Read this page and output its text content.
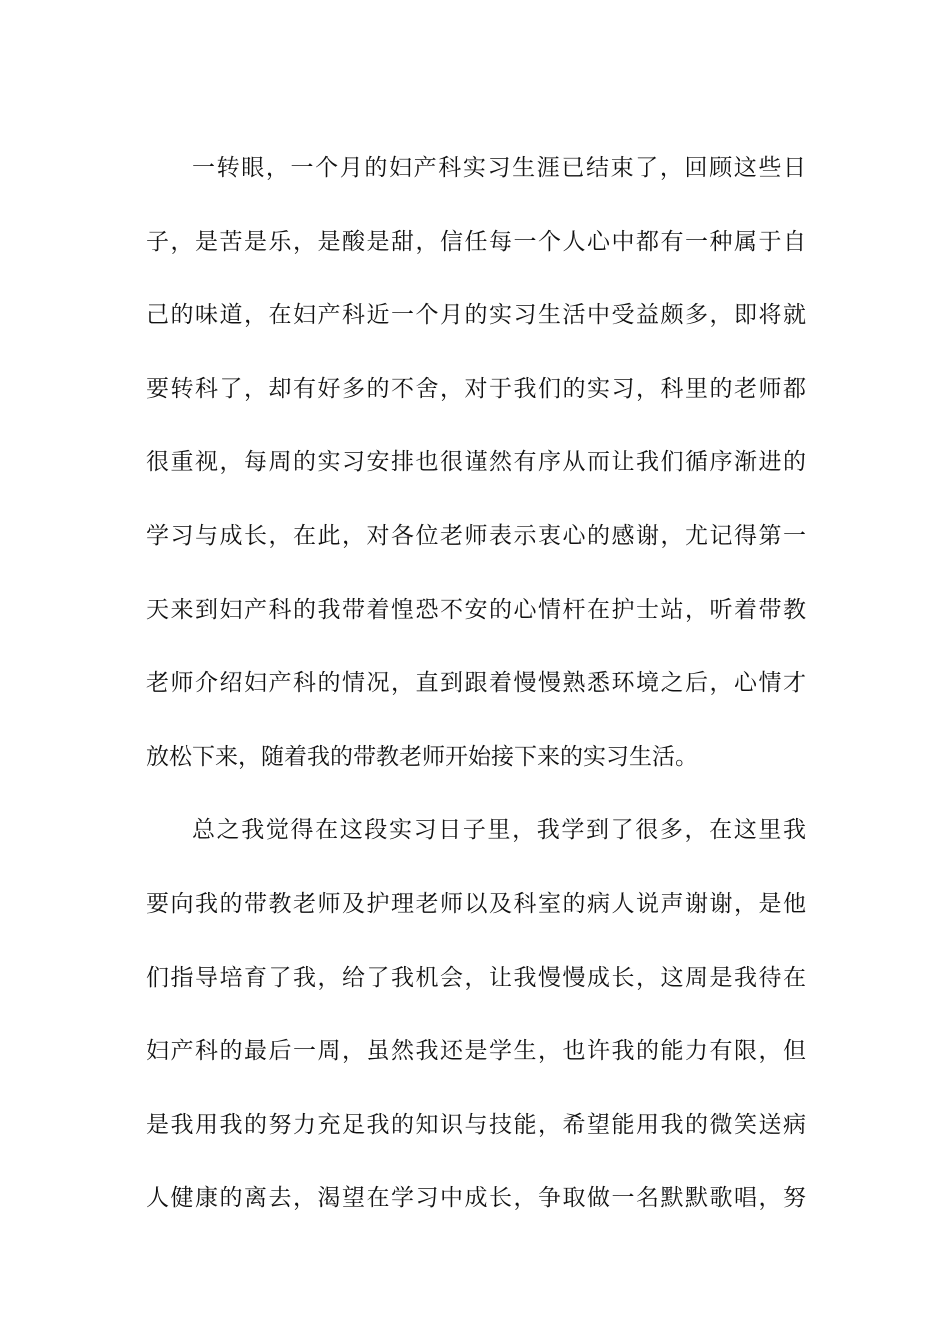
一转眼，一个月的妇产科实习生涯已结束了，回顾这些日
子，是苦是乐，是酸是甜，信任每一个人心中都有一种属于自
己的味道，在妇产科近一个月的实习生活中受益颇多，即将就
要转科了，却有好多的不舍，对于我们的实习，科里的老师都
很重视，每周的实习安排也很谨然有序从而让我们循序渐进的
学习与成长，在此，对各位老师表示衷心的感谢，尤记得第一
天来到妇产科的我带着惶恐不安的心情杆在护士站，听着带教
老师介绍妇产科的情况，直到跟着慢慢熟悉环境之后，心情才
放松下来，随着我的带教老师开始接下来的实习生活。
总之我觉得在这段实习日子里，我学到了很多，在这里我
要向我的带教老师及护理老师以及科室的病人说声谢谢，是他
们指导培育了我，给了我机会，让我慢慢成长，这周是我待在
妇产科的最后一周，虽然我还是学生，也许我的能力有限，但
是我用我的努力充足我的知识与技能，希望能用我的微笑送病
人健康的离去，渴望在学习中成长，争取做一名默默歌唱，努
